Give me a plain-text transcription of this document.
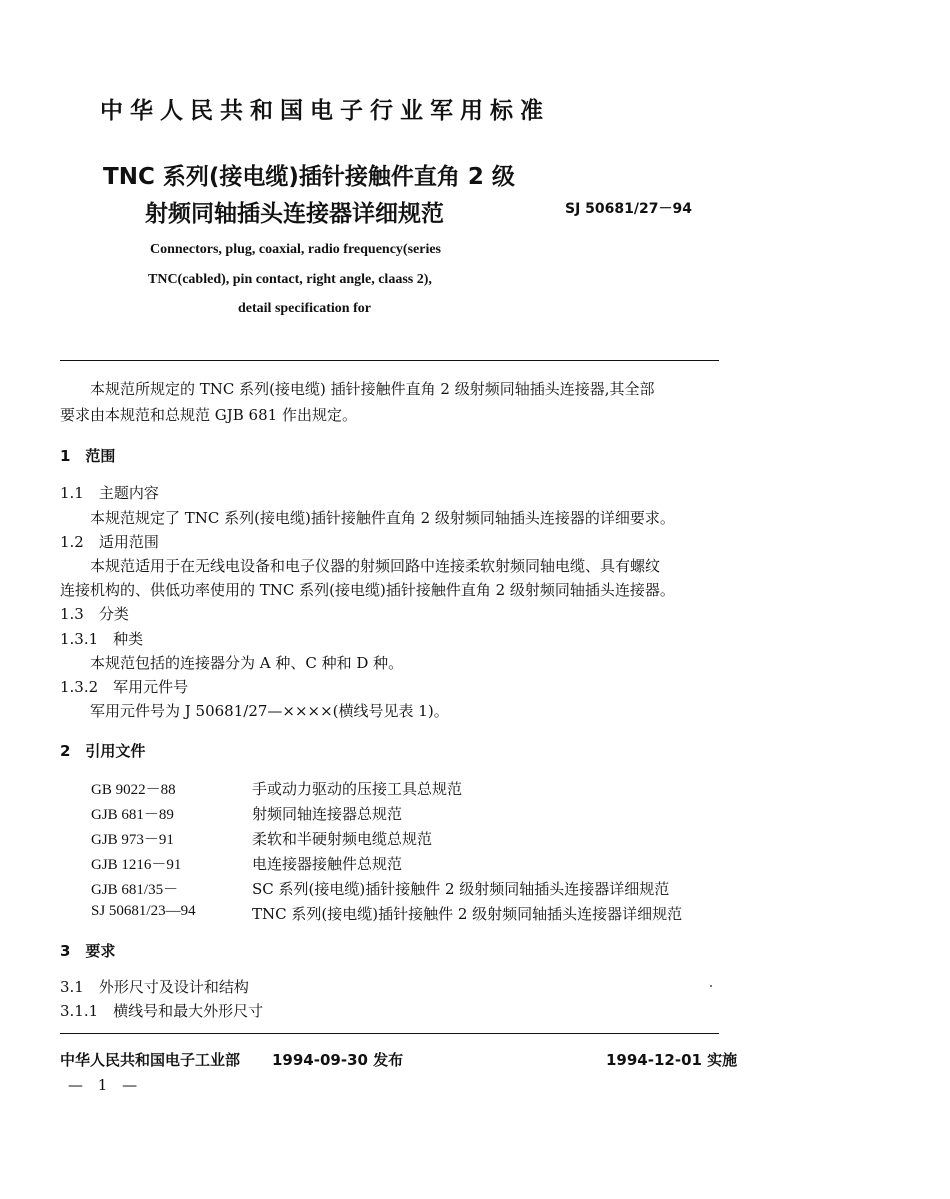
中华人民共和国电子行业军用标准
TNC 系列(接电缆)插针接触件直角 2 级
射频同轴插头连接器详细规范	SJ 50681/27－94
Connectors, plug, coaxial, radio frequency(series
TNC(cabled), pin contact, right angle, claass 2),
detail specification for
本规范所规定的 TNC 系列(接电缆) 插针接触件直角 2 级射频同轴插头连接器,其全部
要求由本规范和总规范 GJB 681 作出规定。
1　范围
1.1　主题内容
本规范规定了 TNC 系列(接电缆)插针接触件直角 2 级射频同轴插头连接器的详细要求。
1.2　适用范围
本规范适用于在无线电设备和电子仪器的射频回路中连接柔软射频同轴电缆、具有螺纹
连接机构的、供低功率使用的 TNC 系列(接电缆)插针接触件直角 2 级射频同轴插头连接器。
1.3　分类
1.3.1　种类
本规范包括的连接器分为 A 种、C 种和 D 种。
1.3.2　军用元件号
军用元件号为 J 50681/27—××××(横线号见表 1)。
2　引用文件
GB 9022－88	手或动力驱动的压接工具总规范
GJB 681－89	射频同轴连接器总规范
GJB 973－91	柔软和半硬射频电缆总规范
GJB 1216－91	电连接器接触件总规范
GJB 681/35－	SC 系列(接电缆)插针接触件 2 级射频同轴插头连接器详细规范
SJ 50681/23—94	TNC 系列(接电缆)插针接触件 2 级射频同轴插头连接器详细规范
3　要求
3.1　外形尺寸及设计和结构
3.1.1　横线号和最大外形尺寸
中华人民共和国电子工业部 1994-09-30 发布	1994-12-01 实施
— 1 —
